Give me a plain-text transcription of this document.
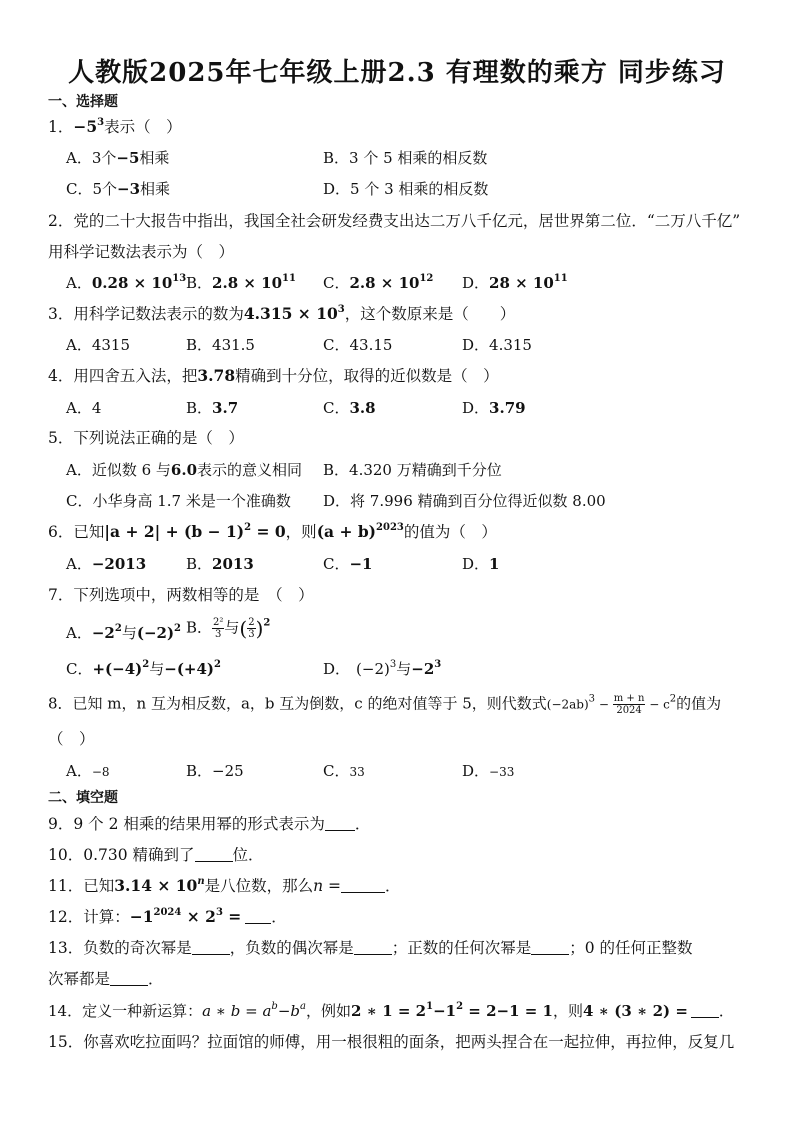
人教版2025年七年级上册2.3 有理数的乘方 同步练习
一、选择题
1．$-5^3$表示（　）
A．3个−5相乘	B．3 个 5 相乘的相反数
C．5个−3相乘	D．5 个 3 相乘的相反数
2．党的二十大报告中指出，我国全社会研发经费支出达二万八千亿元，居世界第二位．“二万八千亿”
用科学记数法表示为（　）
A．$0.28 \times 10^{13}$ B．$2.8 \times 10^{11}$ C．$2.8 \times 10^{12}$ D．$28 \times 10^{11}$
3．用科学记数法表示的数为$4.315 \times 10^3$，这个数原来是（　　）
A．4315	B．431.5	C．43.15	D．4.315
4．用四舍五入法，把3.78精确到十分位，取得的近似数是（　）
A．4	B．3.7	C．3.8	D．3.79
5．下列说法正确的是（　）
A．近似数 6 与6.0表示的意义相同 B．4.320 万精确到千分位
C．小华身高 1.7 米是一个准确数 D．将 7.996 精确到百分位得近似数 8.00
6．已知$|a + 2| + (b - 1)^2 = 0$，则$(a + b)^{2023}$的值为（　）
A．−2013	B．2013	C．−1	D．1
7．下列选项中，两数相等的是　（　）
A．$-2^2$与$(-2)^2$ B． $\frac{\text{2²}}{3}$ 与( $\frac{2}{3} )^2$
C．$+(-4)^2$与$-(+4)^2$	D． $(-2)^3$与$-2^3$
8．已知 m，n 互为相反数，a，b 互为倒数，c 的绝对值等于 5，则代数式$(-2ab)^3 - \frac{m + n}{2024} - c^2$的值为
（　）
A．−8	B．−25	C．33	D．−33
二、填空题
9．9 个 2 相乘的结果用幂的形式表示为 ．
10．0.730 精确到了 位．
11．已知$3.14 \times 10^n$是八位数，那么n =	．
12．计算：$-1^{2024} \times 2^3$ = ．
13．负数的奇次幂是 ，负数的偶次幂是 ；正数的任何次幂是 ；0 的任何正整数
次幂都是 ．
14．定义一种新运算：a ∗ $b = a^b-b^a$，例如2 ∗ $1 = 2^1-1^2 = 2-1 = 1$，则4 ∗ (3 ∗ 2) = ．
15．你喜欢吃拉面吗？拉面馆的师傅，用一根很粗的面条，把两头捏合在一起拉伸，再拉伸，反复几
